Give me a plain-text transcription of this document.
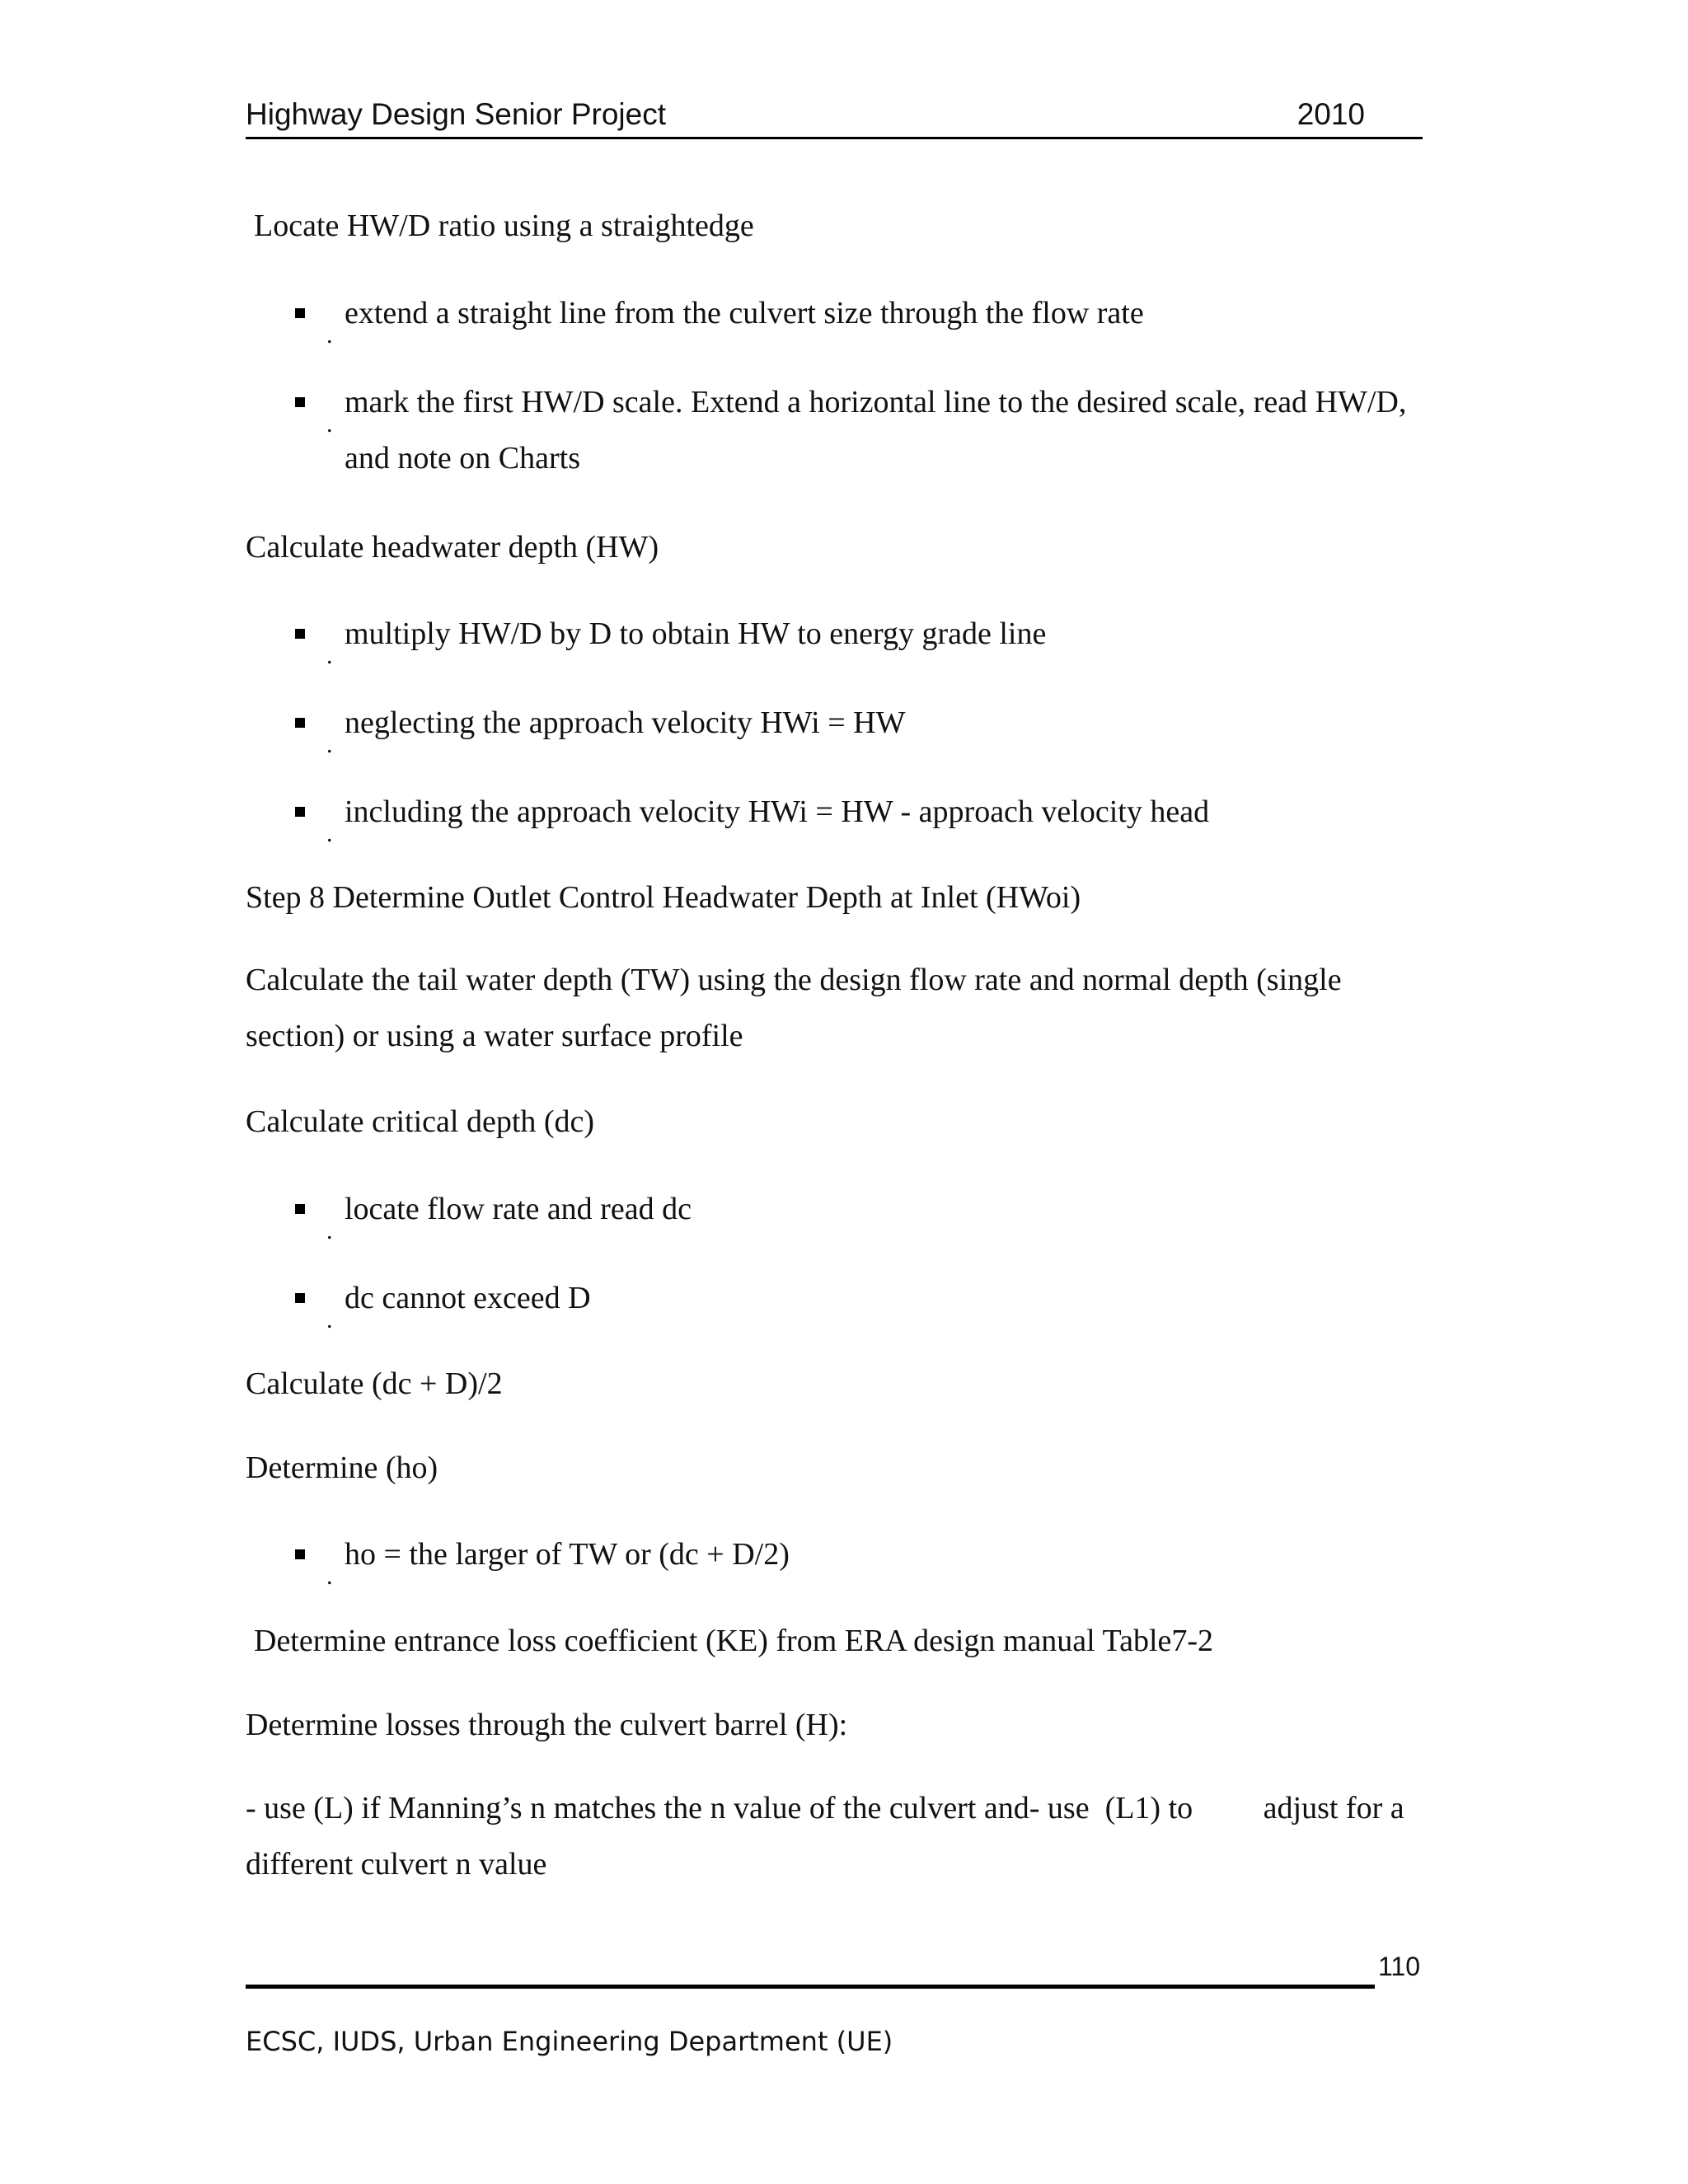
Highway Design Senior Project	2010
Locate HW/D ratio using a straightedge
.
extend a straight line from the culvert size through the flow rate
.
mark the first HW/D scale. Extend a horizontal line to the desired scale, read HW/D, and note on Charts
Calculate headwater depth (HW)
.
multiply HW/D by D to obtain HW to energy grade line
.
neglecting the approach velocity HWi = HW
.
including the approach velocity HWi = HW - approach velocity head
Step 8 Determine Outlet Control Headwater Depth at Inlet (HWoi)
Calculate the tail water depth (TW) using the design flow rate and normal depth (single section) or using a water surface profile
Calculate critical depth (dc)
.
locate flow rate and read dc
.
dc cannot exceed D
Calculate (dc + D)/2
Determine (ho)
.
ho = the larger of TW or (dc + D/2)
Determine entrance loss coefficient (KE) from ERA design manual Table7-2
Determine losses through the culvert barrel (H):
- use (L) if Manning’s n matches the n value of the culvert and- use  (L1) to         adjust for a different culvert n value
110
ECSC, IUDS, Urban Engineering Department (UE)
